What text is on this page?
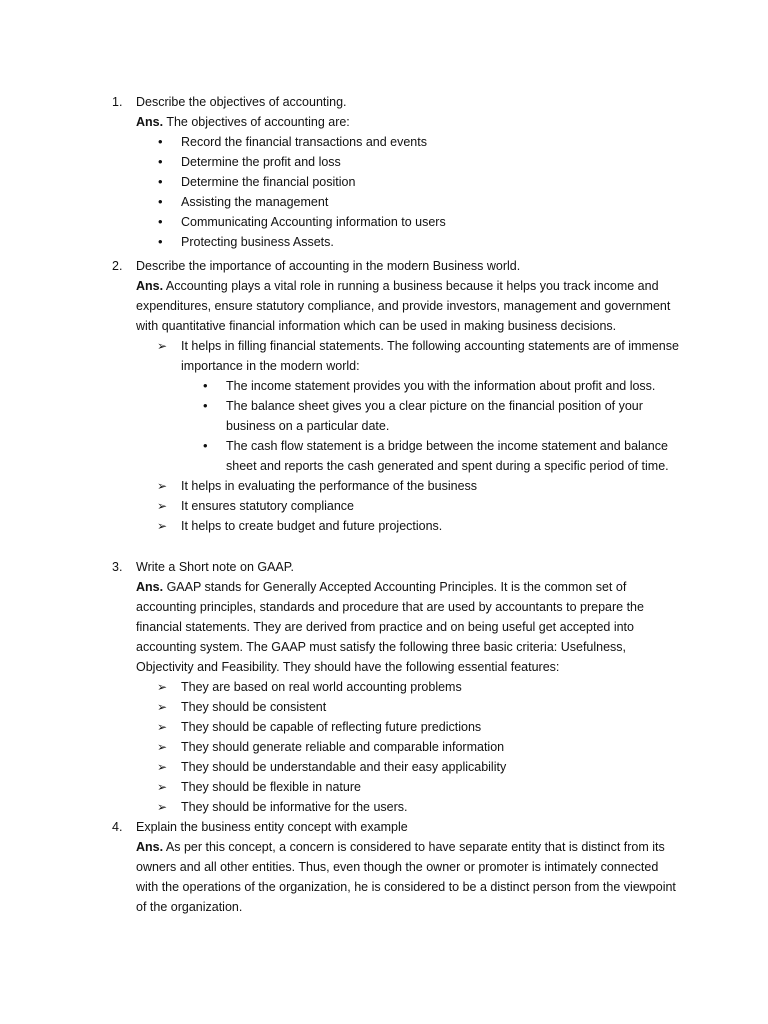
1. Describe the objectives of accounting.
Ans. The objectives of accounting are:
• Record the financial transactions and events
• Determine the profit and loss
• Determine the financial position
• Assisting the management
• Communicating Accounting information to users
• Protecting business Assets.
2. Describe the importance of accounting in the modern Business world.
Ans. Accounting plays a vital role in running a business because it helps you track income and expenditures, ensure statutory compliance, and provide investors, management and government with quantitative financial information which can be used in making business decisions.
➢ It helps in filling financial statements. The following accounting statements are of immense importance in the modern world:
• The income statement provides you with the information about profit and loss.
• The balance sheet gives you a clear picture on the financial position of your business on a particular date.
• The cash flow statement is a bridge between the income statement and balance sheet and reports the cash generated and spent during a specific period of time.
➢ It helps in evaluating the performance of the business
➢ It ensures statutory compliance
➢ It helps to create budget and future projections.
3. Write a Short note on GAAP.
Ans. GAAP stands for Generally Accepted Accounting Principles. It is the common set of accounting principles, standards and procedure that are used by accountants to prepare the financial statements. They are derived from practice and on being useful get accepted into accounting system. The GAAP must satisfy the following three basic criteria: Usefulness, Objectivity and Feasibility. They should have the following essential features:
➢ They are based on real world accounting problems
➢ They should be consistent
➢ They should be capable of reflecting future predictions
➢ They should generate reliable and comparable information
➢ They should be understandable and their easy applicability
➢ They should be flexible in nature
➢ They should be informative for the users.
4. Explain the business entity concept with example
Ans. As per this concept, a concern is considered to have separate entity that is distinct from its owners and all other entities. Thus, even though the owner or promoter is intimately connected with the operations of the organization, he is considered to be a distinct person from the viewpoint of the organization.
